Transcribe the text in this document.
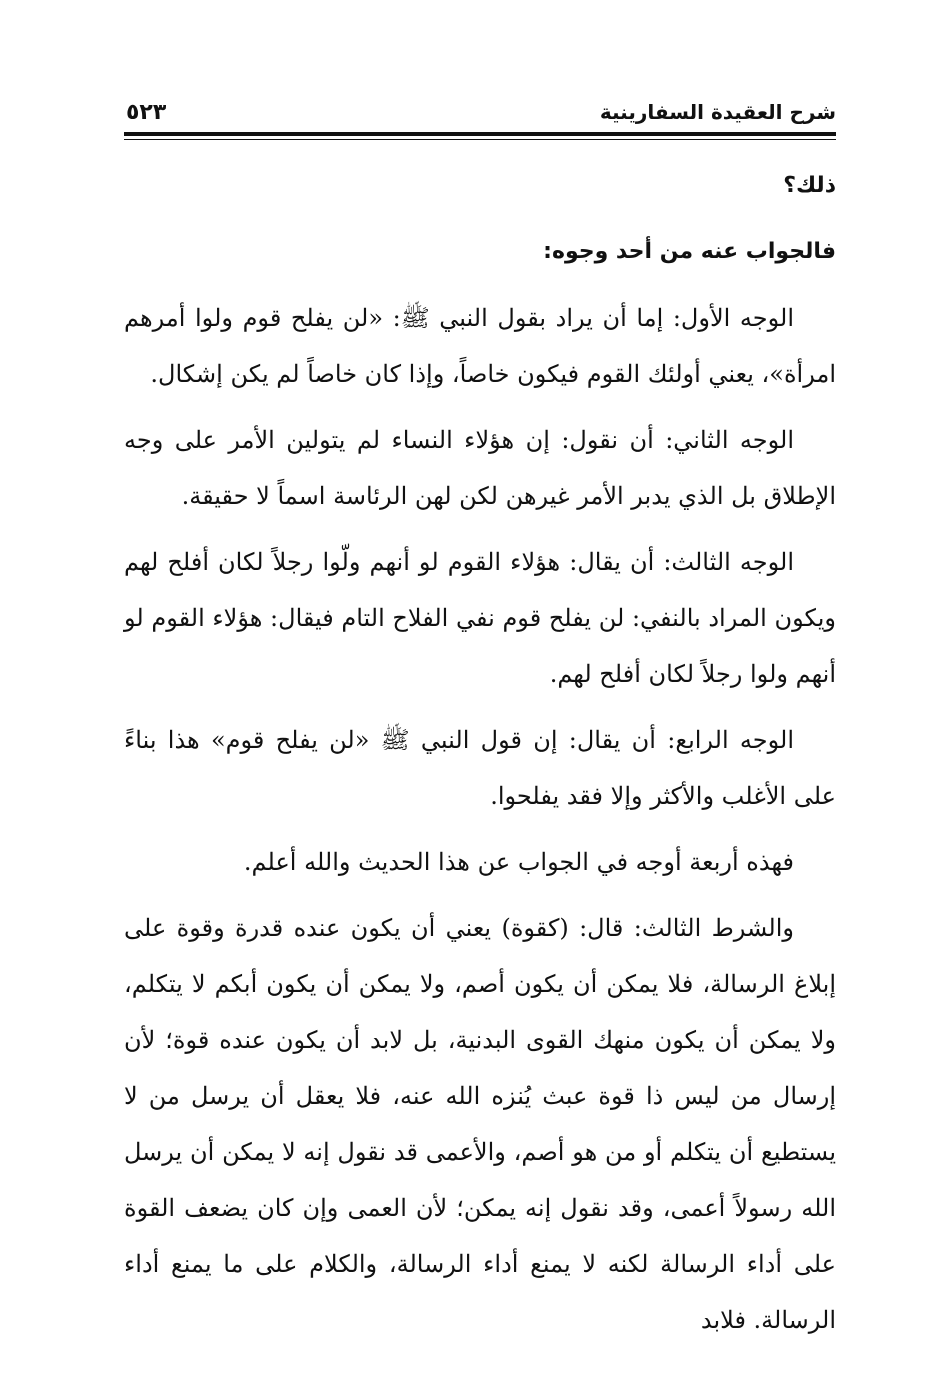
شرح العقيدة السفارينية
٥٢٣

ذلك؟

فالجواب عنه من أحد وجوه:

الوجه الأول: إما أن يراد بقول النبي ﷺ: «لن يفلح قوم ولوا أمرهم امرأة»، يعني أولئك القوم فيكون خاصاً، وإذا كان خاصاً لم يكن إشكال.

الوجه الثاني: أن نقول: إن هؤلاء النساء لم يتولين الأمر على وجه الإطلاق بل الذي يدبر الأمر غيرهن لكن لهن الرئاسة اسماً لا حقيقة.

الوجه الثالث: أن يقال: هؤلاء القوم لو أنهم ولّوا رجلاً لكان أفلح لهم ويكون المراد بالنفي: لن يفلح قوم نفي الفلاح التام فيقال: هؤلاء القوم لو أنهم ولوا رجلاً لكان أفلح لهم.

الوجه الرابع: أن يقال: إن قول النبي ﷺ «لن يفلح قوم» هذا بناءً على الأغلب والأكثر وإلا فقد يفلحوا.

فهذه أربعة أوجه في الجواب عن هذا الحديث والله أعلم.

والشرط الثالث: قال: (كقوة) يعني أن يكون عنده قدرة وقوة على إبلاغ الرسالة، فلا يمكن أن يكون أصم، ولا يمكن أن يكون أبكم لا يتكلم، ولا يمكن أن يكون منهك القوى البدنية، بل لابد أن يكون عنده قوة؛ لأن إرسال من ليس ذا قوة عبث يُنزه الله عنه، فلا يعقل أن يرسل من لا يستطيع أن يتكلم أو من هو أصم، والأعمى قد نقول إنه لا يمكن أن يرسل الله رسولاً أعمى، وقد نقول إنه يمكن؛ لأن العمى وإن كان يضعف القوة على أداء الرسالة لكنه لا يمنع أداء الرسالة، والكلام على ما يمنع أداء الرسالة. فلابد
